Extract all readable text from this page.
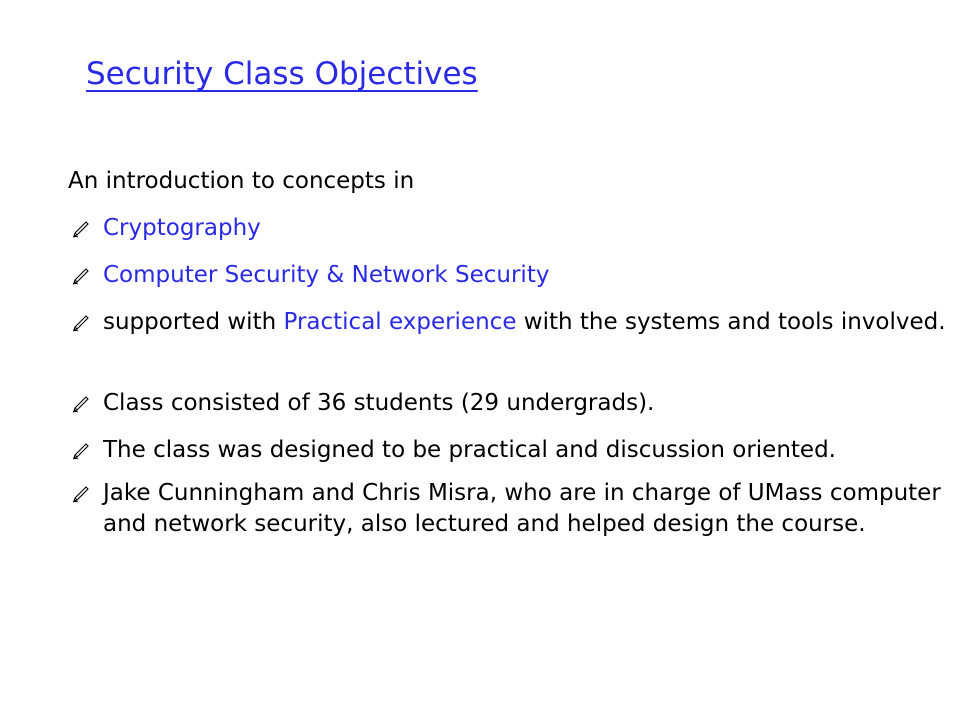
Security Class Objectives

An introduction to concepts in

Cryptography
Computer Security & Network Security
supported with Practical experience with the systems and tools involved.
Class consisted of 36 students (29 undergrads).
The class was designed to be practical and discussion oriented.
Jake Cunningham and Chris Misra, who are in charge of UMass computer and network security, also lectured and helped design the course.
